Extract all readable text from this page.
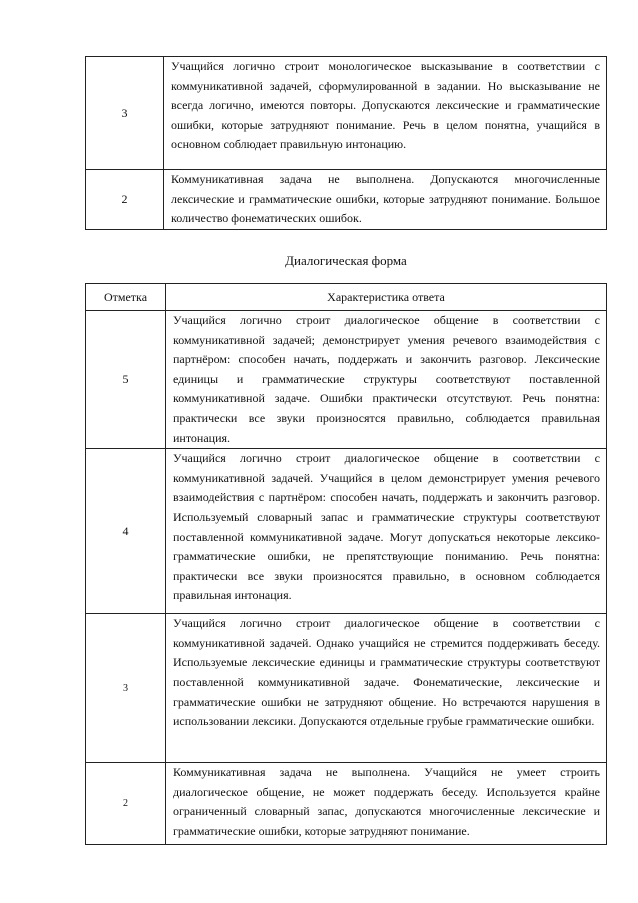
3	Учащийся логично строит монологическое высказывание в соответствии с коммуникативной задачей, сформулированной в задании. Но высказывание не всегда логично, имеются повторы. Допускаются лексические и грамматические ошибки, которые затрудняют понимание. Речь в целом понятна, учащийся в основном соблюдает правильную интонацию.
2	Коммуникативная задача не выполнена. Допускаются многочисленные лексические и грамматические ошибки, которые затрудняют понимание. Большое количество фонематических ошибок.
Диалогическая форма
Отметка	Характеристика ответа
5	Учащийся логично строит диалогическое общение в соответствии с коммуникативной задачей; демонстрирует умения речевого взаимодействия с партнёром: способен начать, поддержать и закончить разговор. Лексические единицы и грамматические структуры соответствуют поставленной коммуникативной задаче. Ошибки практически отсутствуют. Речь понятна: практически все звуки произносятся правильно, соблюдается правильная интонация.
4	Учащийся логично строит диалогическое общение в соответствии с коммуникативной задачей. Учащийся в целом демонстрирует умения речевого взаимодействия с партнёром: способен начать, поддержать и закончить разговор. Используемый словарный запас и грамматические структуры соответствуют поставленной коммуникативной задаче. Могут допускаться некоторые лексико-грамматические ошибки, не препятствующие пониманию. Речь понятна: практически все звуки произносятся правильно, в основном соблюдается правильная интонация.
3	Учащийся логично строит диалогическое общение в соответствии с коммуникативной задачей. Однако учащийся не стремится поддерживать беседу. Используемые лексические единицы и грамматические структуры соответствуют поставленной коммуникативной задаче. Фонематические, лексические и грамматические ошибки не затрудняют общение. Но встречаются нарушения в использовании лексики. Допускаются отдельные грубые грамматические ошибки.
2	Коммуникативная задача не выполнена. Учащийся не умеет строить диалогическое общение, не может поддержать беседу. Используется крайне ограниченный словарный запас, допускаются многочисленные лексические и грамматические ошибки, которые затрудняют понимание.
